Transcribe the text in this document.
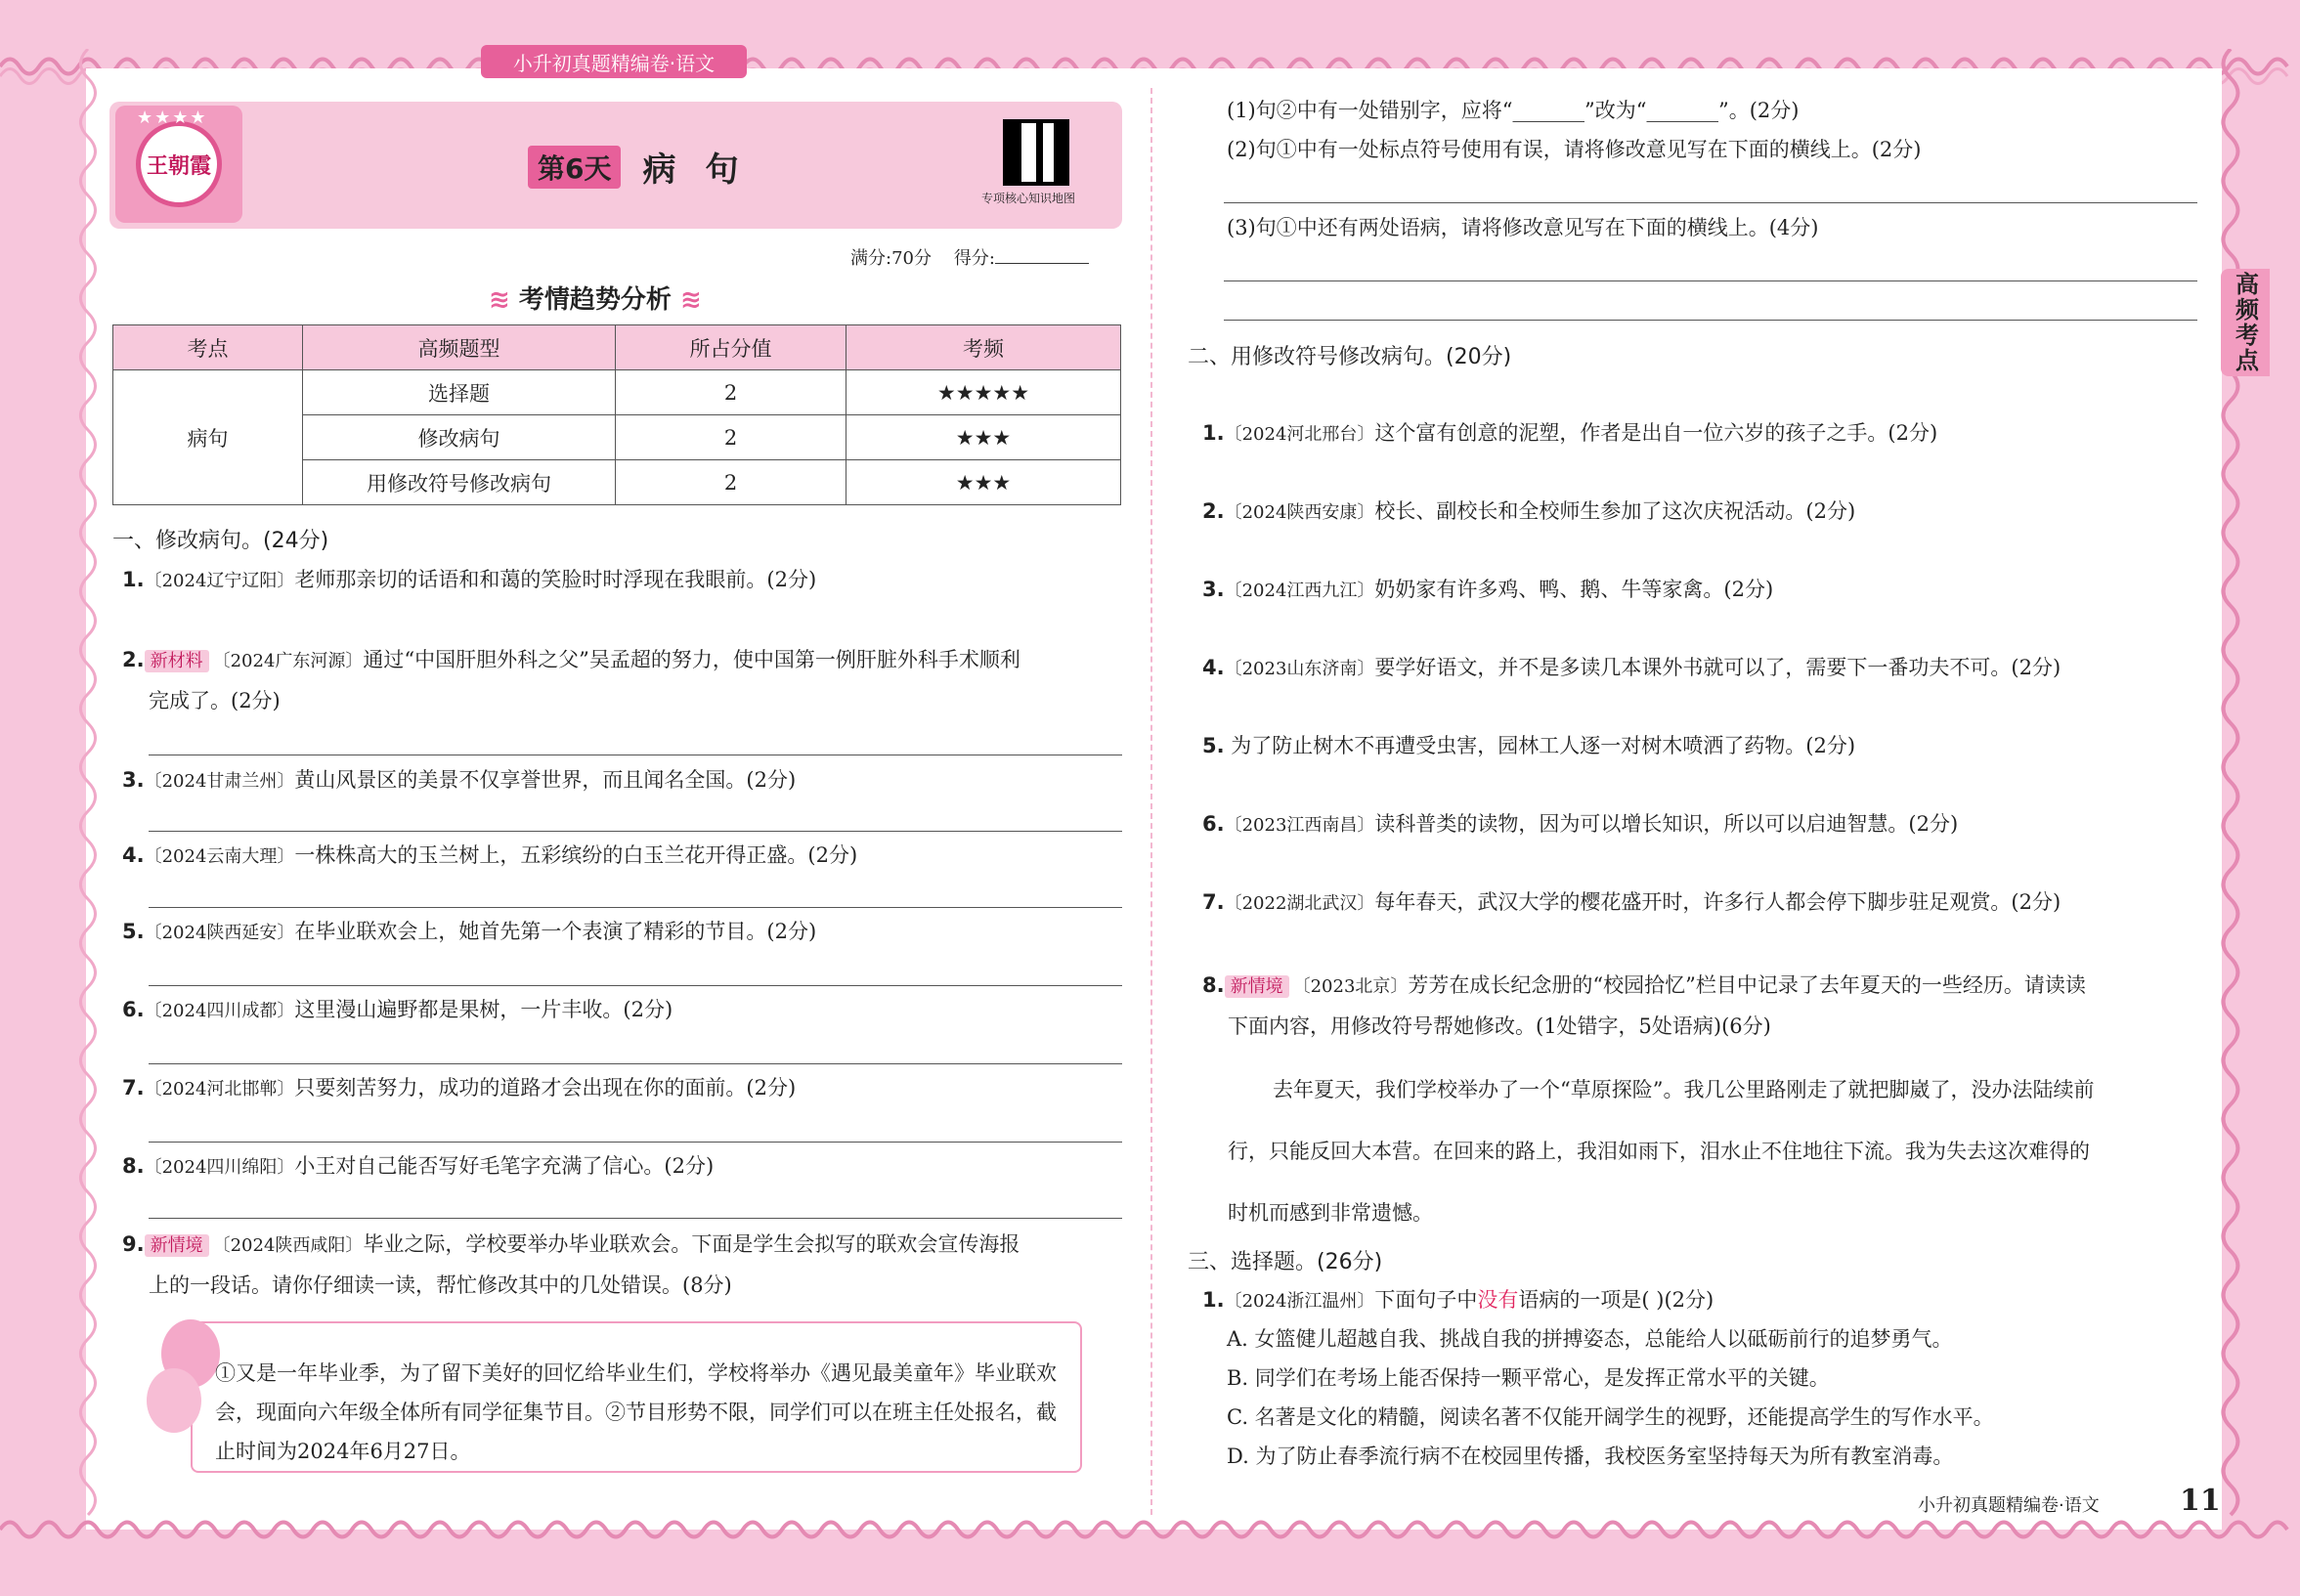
小升初真题精编卷·语文
高频考点
王朝霞
★★★★
第6天 病句
专项核心知识地图
满分:70分 得分:
≋ 考情趋势分析 ≋
考点	高频题型	所占分值	考频
病句	选择题	2	★★★★★
	修改病句	2	★★★
	用修改符号修改病句	2	★★★
一、修改病句。(24分)
1.〔2024辽宁辽阳〕老师那亲切的话语和和蔼的笑脸时时浮现在我眼前。(2分)
2. 新材料 〔2024广东河源〕通过“中国肝胆外科之父”吴孟超的努力，使中国第一例肝脏外科手术顺利
完成了。(2分)
3.〔2024甘肃兰州〕黄山风景区的美景不仅享誉世界，而且闻名全国。(2分)
4.〔2024云南大理〕一株株高大的玉兰树上，五彩缤纷的白玉兰花开得正盛。(2分)
5.〔2024陕西延安〕在毕业联欢会上，她首先第一个表演了精彩的节目。(2分)
6.〔2024四川成都〕这里漫山遍野都是果树，一片丰收。(2分)
7.〔2024河北邯郸〕只要刻苦努力，成功的道路才会出现在你的面前。(2分)
8.〔2024四川绵阳〕小王对自己能否写好毛笔字充满了信心。(2分)
9. 新情境 〔2024陕西咸阳〕毕业之际，学校要举办毕业联欢会。下面是学生会拟写的联欢会宣传海报
上的一段话。请你仔细读一读，帮忙修改其中的几处错误。(8分)
①又是一年毕业季，为了留下美好的回忆给毕业生们，学校将举办《遇见最美童年》毕业联欢会，现面向六年级全体所有同学征集节目。②节目形势不限，同学们可以在班主任处报名，截止时间为2024年6月27日。
(1)句②中有一处错别字，应将“_______”改为“_______”。(2分)
(2)句①中有一处标点符号使用有误，请将修改意见写在下面的横线上。(2分)
(3)句①中还有两处语病，请将修改意见写在下面的横线上。(4分)
二、用修改符号修改病句。(20分)
1.〔2024河北邢台〕这个富有创意的泥塑，作者是出自一位六岁的孩子之手。(2分)
2.〔2024陕西安康〕校长、副校长和全校师生参加了这次庆祝活动。(2分)
3.〔2024江西九江〕奶奶家有许多鸡、鸭、鹅、牛等家禽。(2分)
4.〔2023山东济南〕要学好语文，并不是多读几本课外书就可以了，需要下一番功夫不可。(2分)
5. 为了防止树木不再遭受虫害，园林工人逐一对树木喷洒了药物。(2分)
6.〔2023江西南昌〕读科普类的读物，因为可以增长知识，所以可以启迪智慧。(2分)
7.〔2022湖北武汉〕每年春天，武汉大学的樱花盛开时，许多行人都会停下脚步驻足观赏。(2分)
8. 新情境 〔2023北京〕芳芳在成长纪念册的“校园拾忆”栏目中记录了去年夏天的一些经历。请读读
下面内容，用修改符号帮她修改。(1处错字，5处语病)(6分)
去年夏天，我们学校举办了一个“草原探险”。我几公里路刚走了就把脚崴了，没办法陆续前
行，只能反回大本营。在回来的路上，我泪如雨下，泪水止不住地往下流。我为失去这次难得的
时机而感到非常遗憾。
三、选择题。(26分)
1.〔2024浙江温州〕下面句子中没有语病的一项是( )(2分)
A. 女篮健儿超越自我、挑战自我的拼搏姿态，总能给人以砥砺前行的追梦勇气。
B. 同学们在考场上能否保持一颗平常心，是发挥正常水平的关键。
C. 名著是文化的精髓，阅读名著不仅能开阔学生的视野，还能提高学生的写作水平。
D. 为了防止春季流行病不在校园里传播，我校医务室坚持每天为所有教室消毒。
小升初真题精编卷·语文	11
